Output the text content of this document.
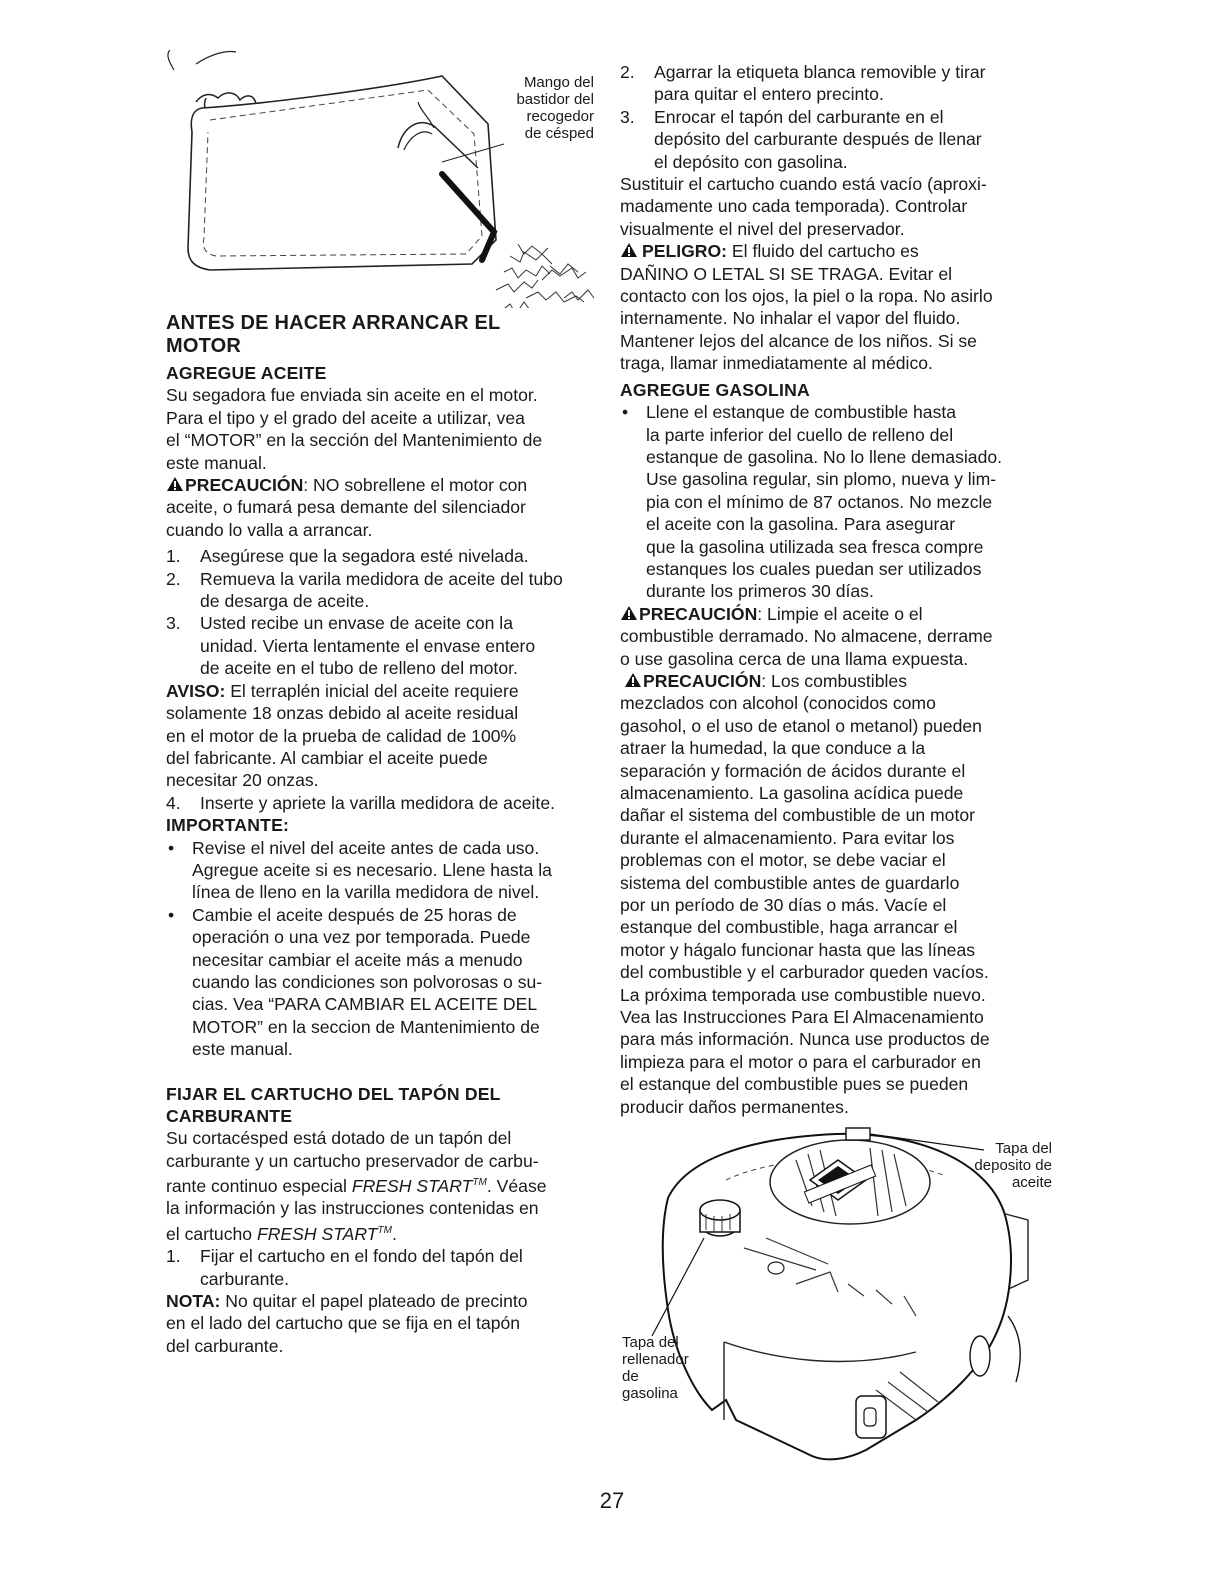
Mango del
bastidor del
recogedor
de césped
ANTES DE HACER ARRANCAR EL
MOTOR
AGREGUE ACEITE
Su segadora fue enviada sin aceite en el motor.
Para el tipo y el grado del aceite a utilizar, vea
el “MOTOR” en la sección del Mantenimiento de
este manual.
PRECAUCIÓN: NO sobrellene el motor con
aceite, o fumará pesa demante del silenciador
cuando lo valla a arrancar.
1.	Asegúrese que la segadora esté nivelada.
2.	Remueva la varila medidora de aceite del tubo
de desarga de aceite.
3.	Usted recibe un envase de aceite con la
unidad. Vierta lentamente el envase entero
de aceite en el tubo de relleno del motor.
AVISO: El terraplén inicial del aceite requiere
solamente 18 onzas debido al aceite residual
en el motor de la prueba de calidad de 100%
del fabricante. Al cambiar el aceite puede
necesitar 20 onzas.
4.	Inserte y apriete la varilla medidora de aceite.
IMPORTANTE:
•	Revise el nivel del aceite antes de cada uso.
Agregue aceite si es necesario. Llene hasta la
línea de lleno en la varilla medidora de nivel.
•	Cambie el aceite después de 25 horas de
operación o una vez por temporada. Puede
necesitar cambiar el aceite más a menudo
cuando las condiciones son polvorosas o su-
cias. Vea “PARA CAMBIAR EL ACEITE DEL
MOTOR” en la seccion de Mantenimiento de
este manual.
FIJAR EL CARTUCHO DEL TAPÓN DEL
CARBURANTE
Su cortacésped está dotado de un tapón del
carburante y un cartucho preservador de carbu-
rante continuo especial FRESH START™. Véase
la información y las instrucciones contenidas en
el cartucho FRESH START™.
1.	Fijar el cartucho en el fondo del tapón del
carburante.
NOTA: No quitar el papel plateado de precinto
en el lado del cartucho que se fija en el tapón
del carburante.
2.	Agarrar la etiqueta blanca removible y tirar
para quitar el entero precinto.
3.	Enrocar el tapón del carburante en el
depósito del carburante después de llenar
el depósito con gasolina.
Sustituir el cartucho cuando está vacío (aproxi-
madamente uno cada temporada). Controlar
visualmente el nivel del preservador.
PELIGRO: El fluido del cartucho es
DAÑINO O LETAL SI SE TRAGA. Evitar el
contacto con los ojos, la piel o la ropa. No asirlo
internamente. No inhalar el vapor del fluido.
Mantener lejos del alcance de los niños. Si se
traga, llamar inmediatamente al médico.
AGREGUE GASOLINA
•	Llene el estanque de combustible hasta
la parte inferior del cuello de relleno del
estanque de gasolina. No lo llene demasiado.
Use gasolina regular, sin plomo, nueva y lim-
pia con el mínimo de 87 octanos. No mezcle
el aceite con la gasolina. Para asegurar
que la gasolina utilizada sea fresca compre
estanques los cuales puedan ser utilizados
durante los primeros 30 días.
PRECAUCIÓN: Limpie el aceite o el
combustible derramado. No almacene, derrame
o use gasolina cerca de una llama expuesta.
PRECAUCIÓN: Los combustibles
mezclados con alcohol (conocidos como
gasohol, o el uso de etanol o metanol) pueden
atraer la humedad, la que conduce a la
separación y formación de ácidos durante el
almacenamiento. La gasolina acídica puede
dañar el sistema del combustible de un motor
durante el almacenamiento. Para evitar los
problemas con el motor, se debe vaciar el
sistema del combustible antes de guardarlo
por un período de 30 días o más. Vacíe el
estanque del combustible, haga arrancar el
motor y hágalo funcionar hasta que las líneas
del combustible y el carburador queden vacíos.
La próxima temporada use combustible nuevo.
Vea las Instrucciones Para El Almacenamiento
para más información. Nunca use productos de
limpieza para el motor o para el carburador en
el estanque del combustible pues se pueden
producir daños permanentes.
Tapa del
deposito de
aceite
Tapa del
rellenador
de
gasolina
27
